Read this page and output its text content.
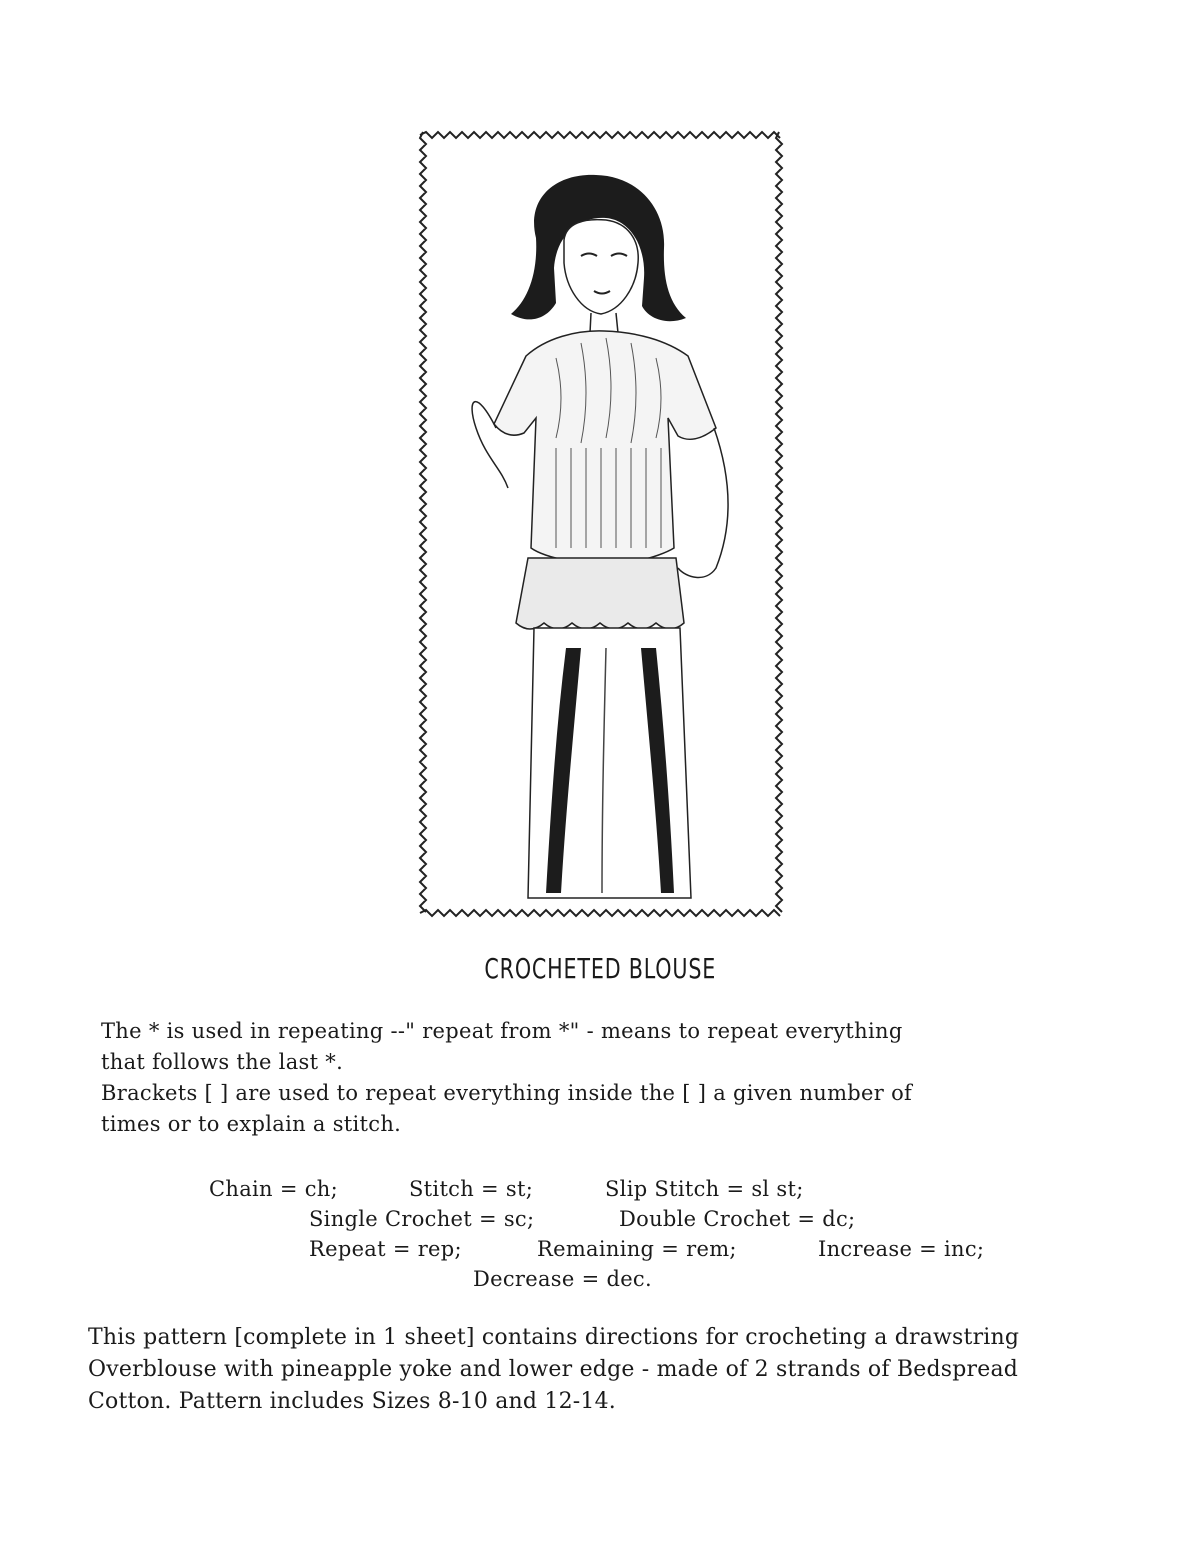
CROCHETED BLOUSE

The * is used in repeating --" repeat from *" - means to repeat everything

that follows the last *.

Brackets [ ] are used to repeat everything inside the [ ] a given number of

times or to explain a stitch.

Chain = ch;	Stitch = st;	Slip Stitch = sl st;
Single Crochet = sc;	Double Crochet = dc;
Repeat = rep;	Remaining = rem;	Increase = inc;
Decrease = dec.

This pattern [complete in 1 sheet] contains directions for crocheting a drawstring

Overblouse with pineapple yoke and lower edge - made of 2 strands of Bedspread

Cotton. Pattern includes Sizes 8-10 and 12-14.
